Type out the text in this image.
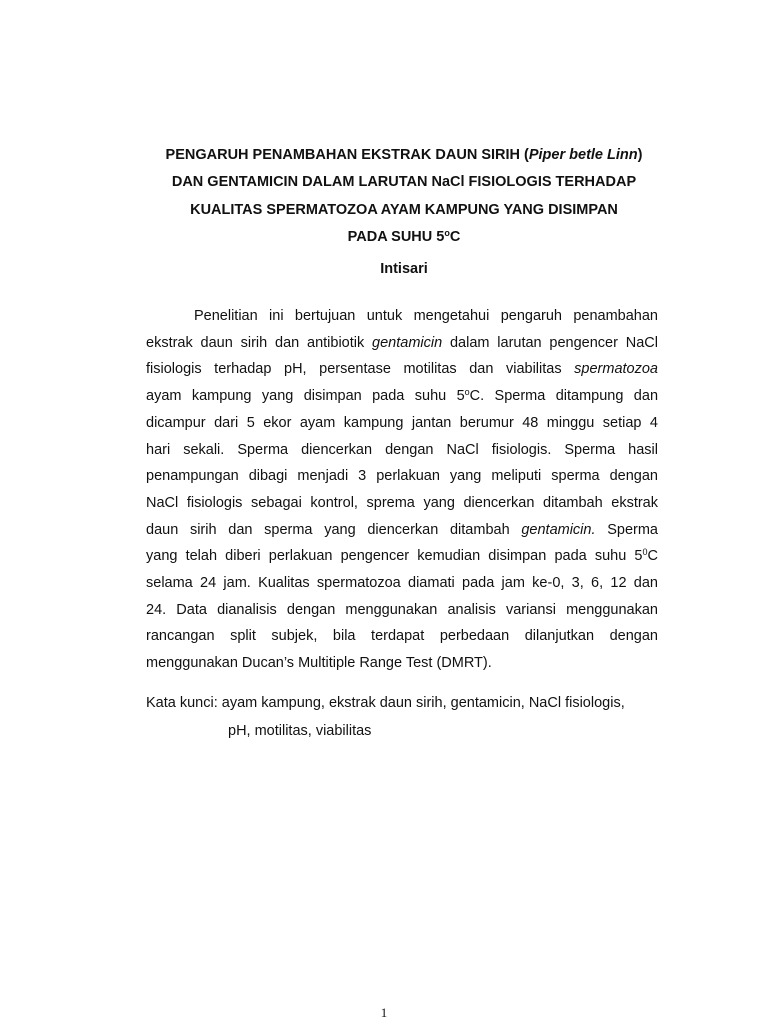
PENGARUH PENAMBAHAN EKSTRAK DAUN SIRIH (Piper betle Linn)
DAN GENTAMICIN DALAM LARUTAN NaCl FISIOLOGIS TERHADAP
KUALITAS SPERMATOZOA AYAM KAMPUNG YANG DISIMPAN
PADA SUHU 5$^o$C
Intisari

Penelitian ini bertujuan untuk mengetahui pengaruh penambahan
ekstrak daun sirih dan antibiotik gentamicin dalam larutan pengencer NaCl
fisiologis terhadap pH, persentase motilitas dan viabilitas spermatozoa
ayam kampung yang disimpan pada suhu 5$^o$C. Sperma ditampung dan
dicampur dari 5 ekor ayam kampung jantan berumur 48 minggu setiap 4
hari sekali. Sperma diencerkan dengan NaCl fisiologis. Sperma hasil
penampungan dibagi menjadi 3 perlakuan yang meliputi sperma dengan
NaCl fisiologis sebagai kontrol, sprema yang diencerkan ditambah ekstrak
daun sirih dan sperma yang diencerkan ditambah gentamicin. Sperma
yang telah diberi perlakuan pengencer kemudian disimpan pada suhu $5^0C$
selama 24 jam. Kualitas spermatozoa diamati pada jam ke-0, 3, 6, 12 dan
24. Data dianalisis dengan menggunakan analisis variansi menggunakan
rancangan split subjek, bila terdapat perbedaan dilanjutkan dengan
menggunakan Ducan’s Multitiple Range Test (DMRT).

Kata kunci: ayam kampung, ekstrak daun sirih, gentamicin, NaCl fisiologis,
pH, motilitas, viabilitas

1
